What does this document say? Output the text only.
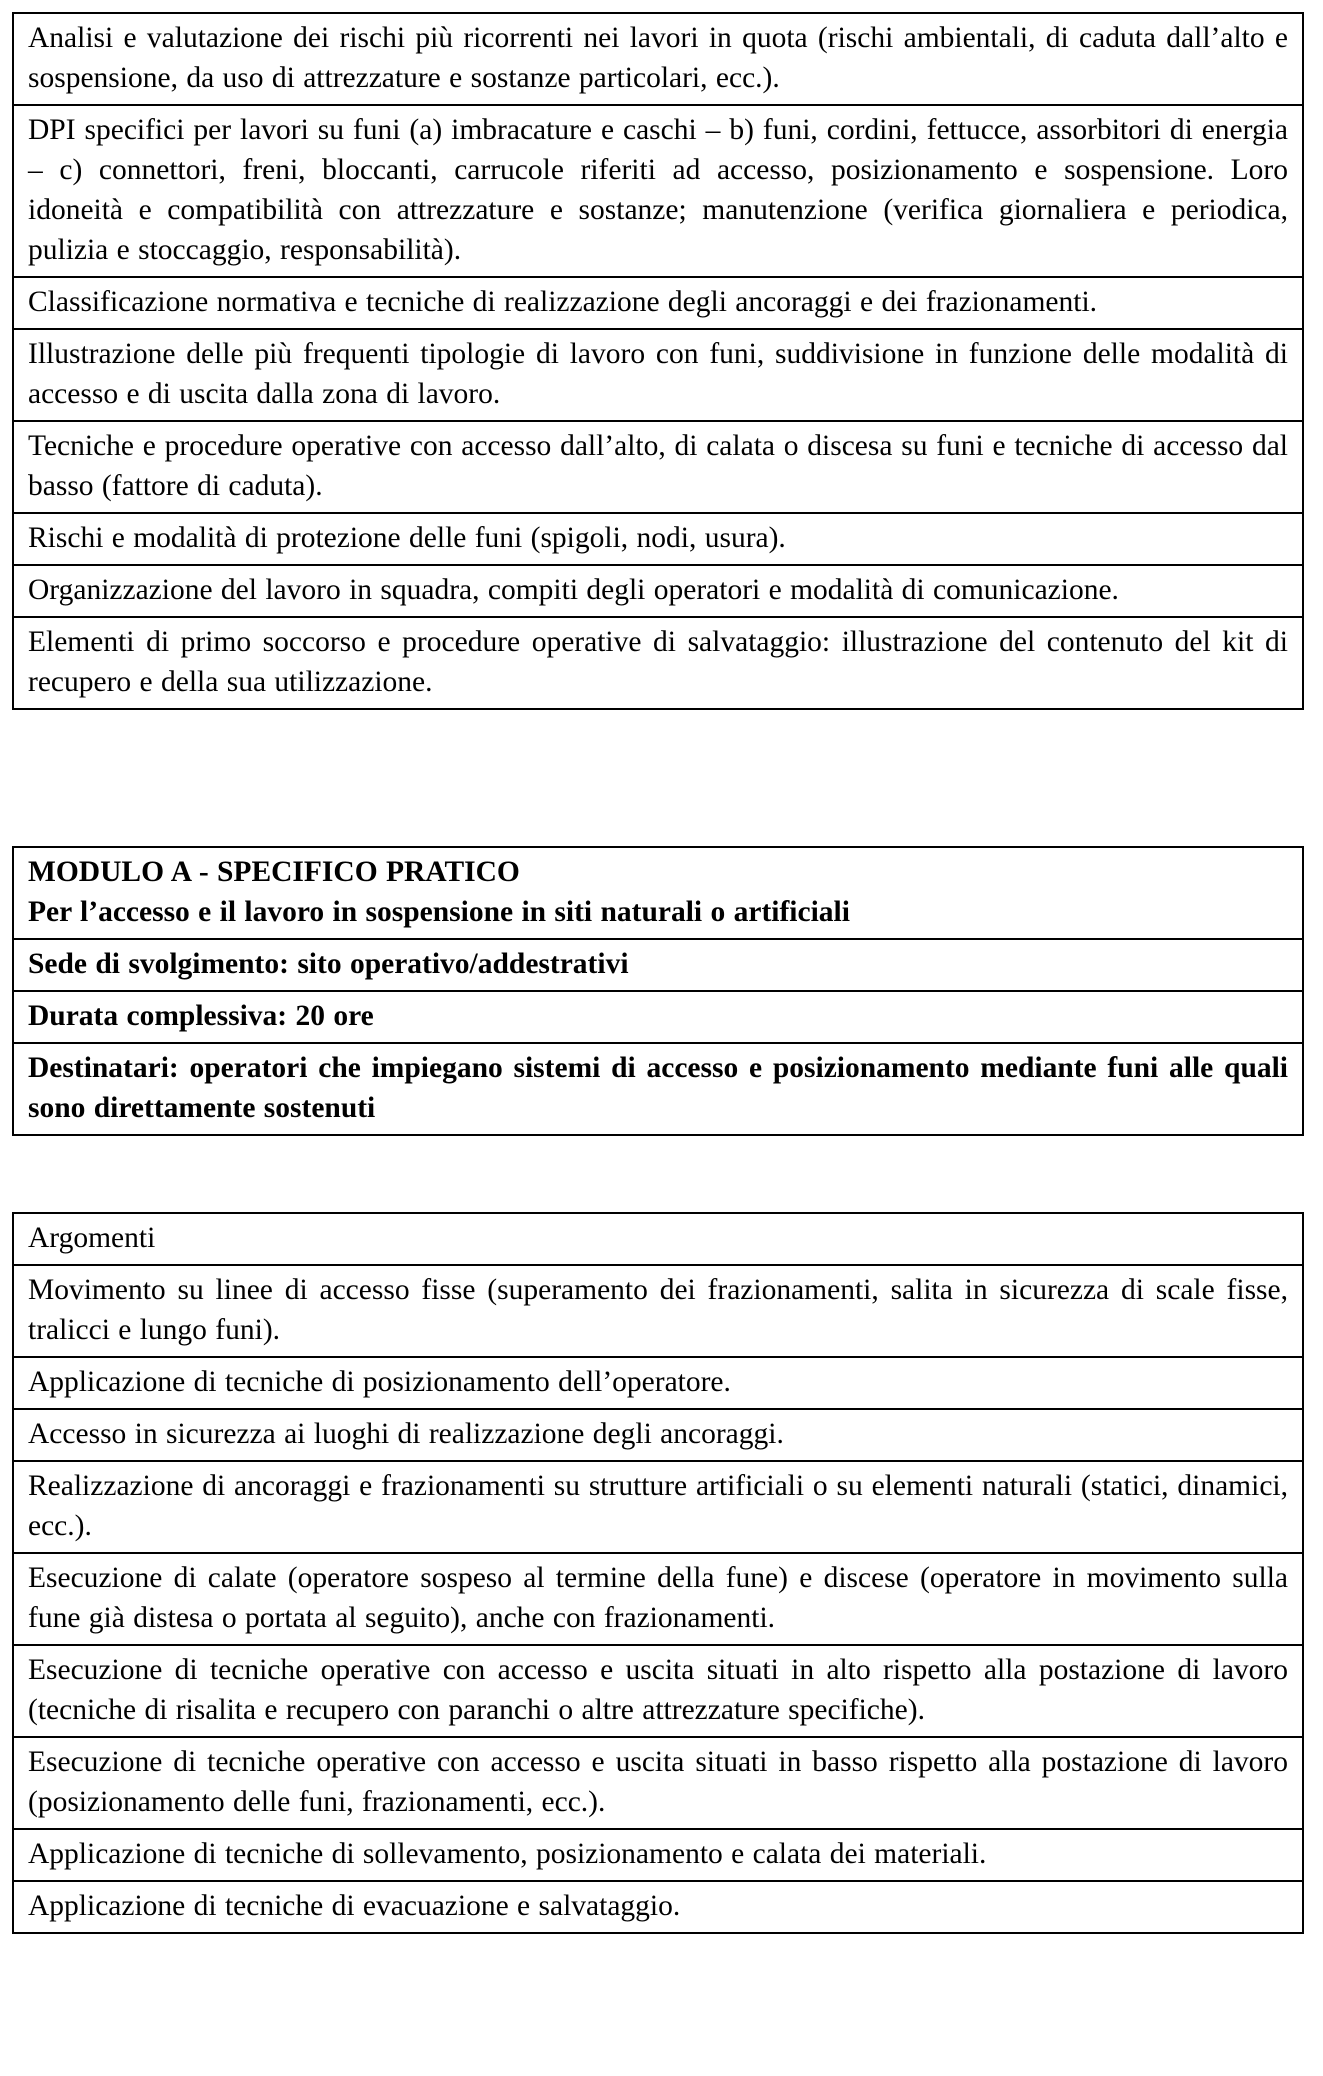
Analisi e valutazione dei rischi più ricorrenti nei lavori in quota (rischi ambientali, di caduta dall’alto e sospensione, da uso di attrezzature e sostanze particolari, ecc.).
DPI specifici per lavori su funi (a) imbracature e caschi – b) funi, cordini, fettucce, assorbitori di energia – c) connettori, freni, bloccanti, carrucole riferiti ad accesso, posizionamento e sospensione. Loro idoneità e compatibilità con attrezzature e sostanze; manutenzione (verifica giornaliera e periodica, pulizia e stoccaggio, responsabilità).
Classificazione normativa e tecniche di realizzazione degli ancoraggi e dei frazionamenti.
Illustrazione delle più frequenti tipologie di lavoro con funi, suddivisione in funzione delle modalità di accesso e di uscita dalla zona di lavoro.
Tecniche e procedure operative con accesso dall’alto, di calata o discesa su funi e tecniche di accesso dal basso (fattore di caduta).
Rischi e modalità di protezione delle funi (spigoli, nodi, usura).
Organizzazione del lavoro in squadra, compiti degli operatori e modalità di comunicazione.
Elementi di primo soccorso e procedure operative di salvataggio: illustrazione del contenuto del kit di recupero e della sua utilizzazione.
MODULO A - SPECIFICO PRATICO
Per l’accesso e il lavoro in sospensione in siti naturali o artificiali
Sede di svolgimento: sito operativo/addestrativi
Durata complessiva: 20 ore
Destinatari: operatori che impiegano sistemi di accesso e posizionamento mediante funi alle quali sono direttamente sostenuti
Argomenti
Movimento su linee di accesso fisse (superamento dei frazionamenti, salita in sicurezza di scale fisse, tralicci e lungo funi).
Applicazione di tecniche di posizionamento dell’operatore.
Accesso in sicurezza ai luoghi di realizzazione degli ancoraggi.
Realizzazione di ancoraggi e frazionamenti su strutture artificiali o su elementi naturali (statici, dinamici, ecc.).
Esecuzione di calate (operatore sospeso al termine della fune) e discese (operatore in movimento sulla fune già distesa o portata al seguito), anche con frazionamenti.
Esecuzione di tecniche operative con accesso e uscita situati in alto rispetto alla postazione di lavoro (tecniche di risalita e recupero con paranchi o altre attrezzature specifiche).
Esecuzione di tecniche operative con accesso e uscita situati in basso rispetto alla postazione di lavoro (posizionamento delle funi, frazionamenti, ecc.).
Applicazione di tecniche di sollevamento, posizionamento e calata dei materiali.
Applicazione di tecniche di evacuazione e salvataggio.
